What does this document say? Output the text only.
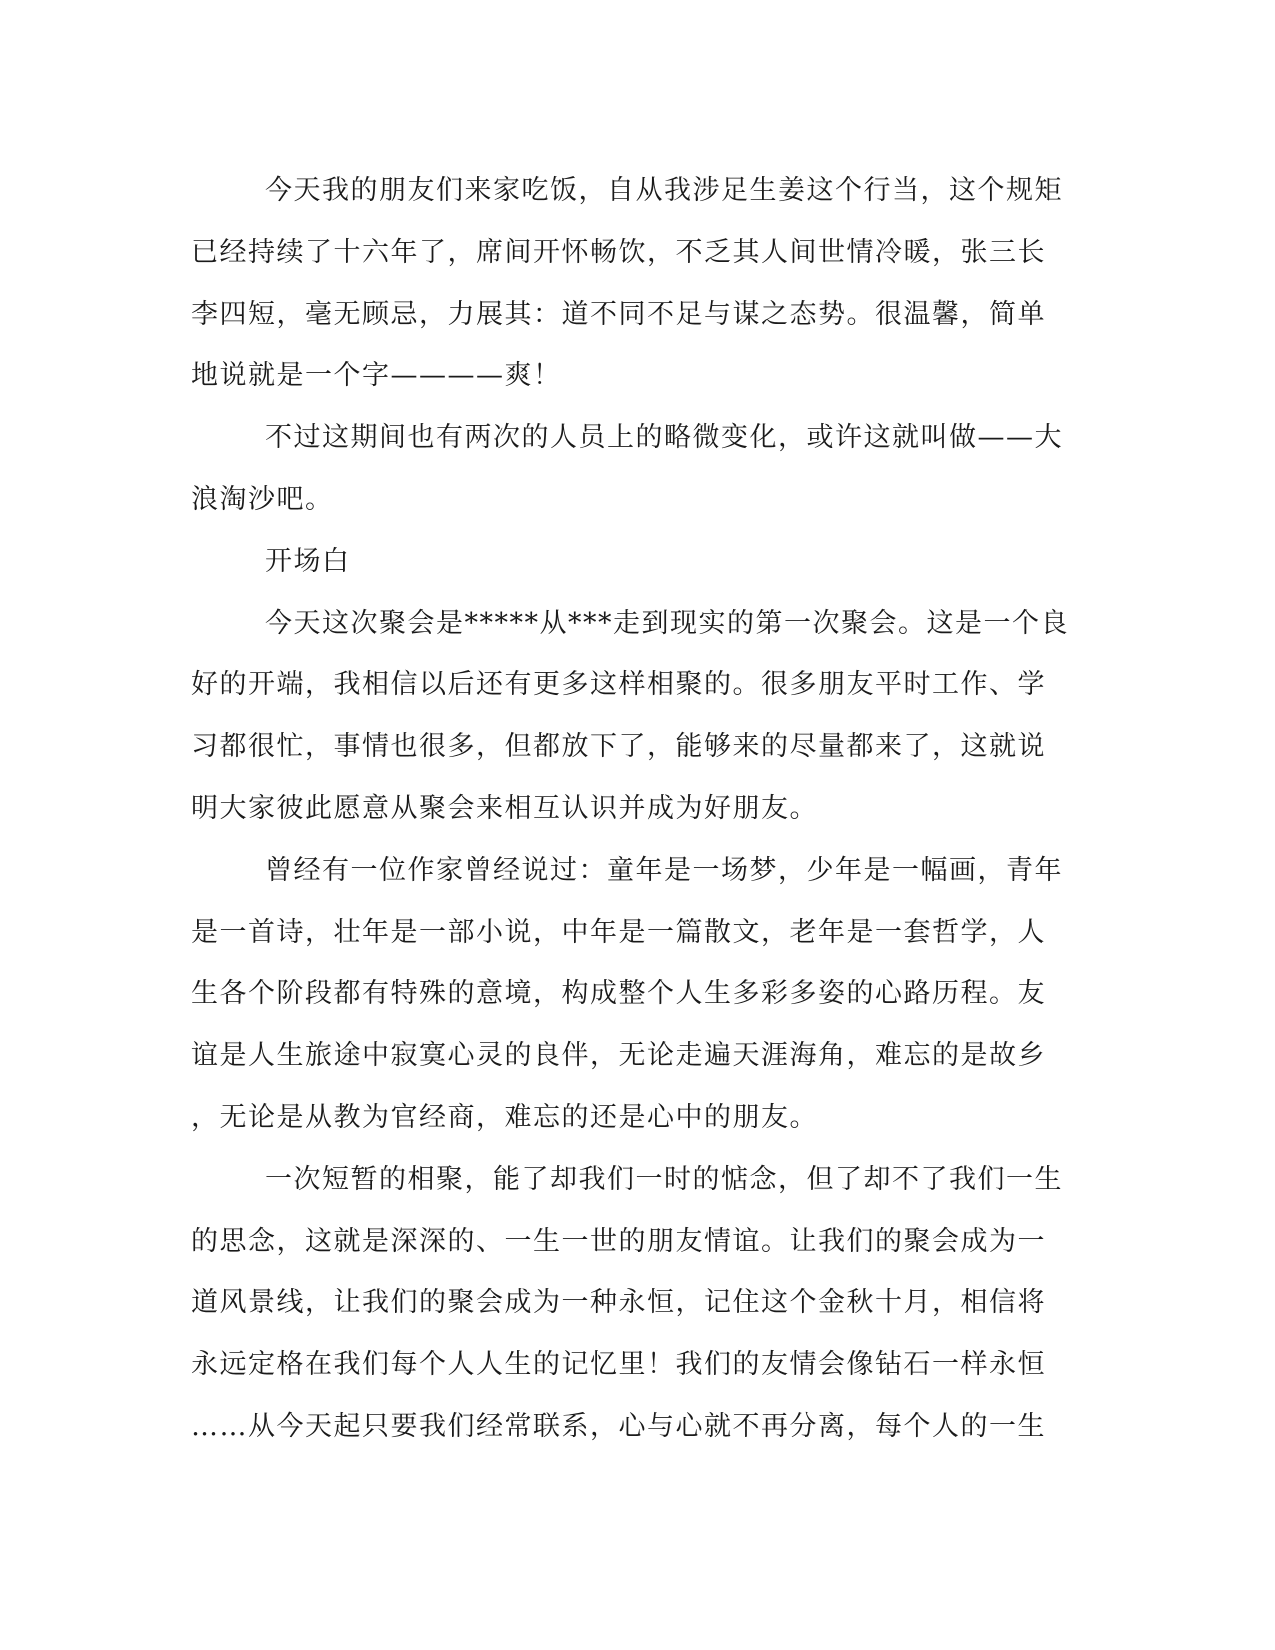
今天我的朋友们来家吃饭，自从我涉足生姜这个行当，这个规矩
已经持续了十六年了，席间开怀畅饮，不乏其人间世情冷暖，张三长
李四短，毫无顾忌，力展其：道不同不足与谋之态势。很温馨，简单
地说就是一个字————爽！
不过这期间也有两次的人员上的略微变化，或许这就叫做——大
浪淘沙吧。
开场白
今天这次聚会是*****从***走到现实的第一次聚会。这是一个良
好的开端，我相信以后还有更多这样相聚的。很多朋友平时工作、学
习都很忙，事情也很多，但都放下了，能够来的尽量都来了，这就说
明大家彼此愿意从聚会来相互认识并成为好朋友。
曾经有一位作家曾经说过：童年是一场梦，少年是一幅画，青年
是一首诗，壮年是一部小说，中年是一篇散文，老年是一套哲学，人
生各个阶段都有特殊的意境，构成整个人生多彩多姿的心路历程。友
谊是人生旅途中寂寞心灵的良伴，无论走遍天涯海角，难忘的是故乡
，无论是从教为官经商，难忘的还是心中的朋友。
一次短暂的相聚，能了却我们一时的惦念，但了却不了我们一生
的思念，这就是深深的、一生一世的朋友情谊。让我们的聚会成为一
道风景线，让我们的聚会成为一种永恒，记住这个金秋十月，相信将
永远定格在我们每个人人生的记忆里！我们的友情会像钻石一样永恒
……从今天起只要我们经常联系，心与心就不再分离，每个人的一生
